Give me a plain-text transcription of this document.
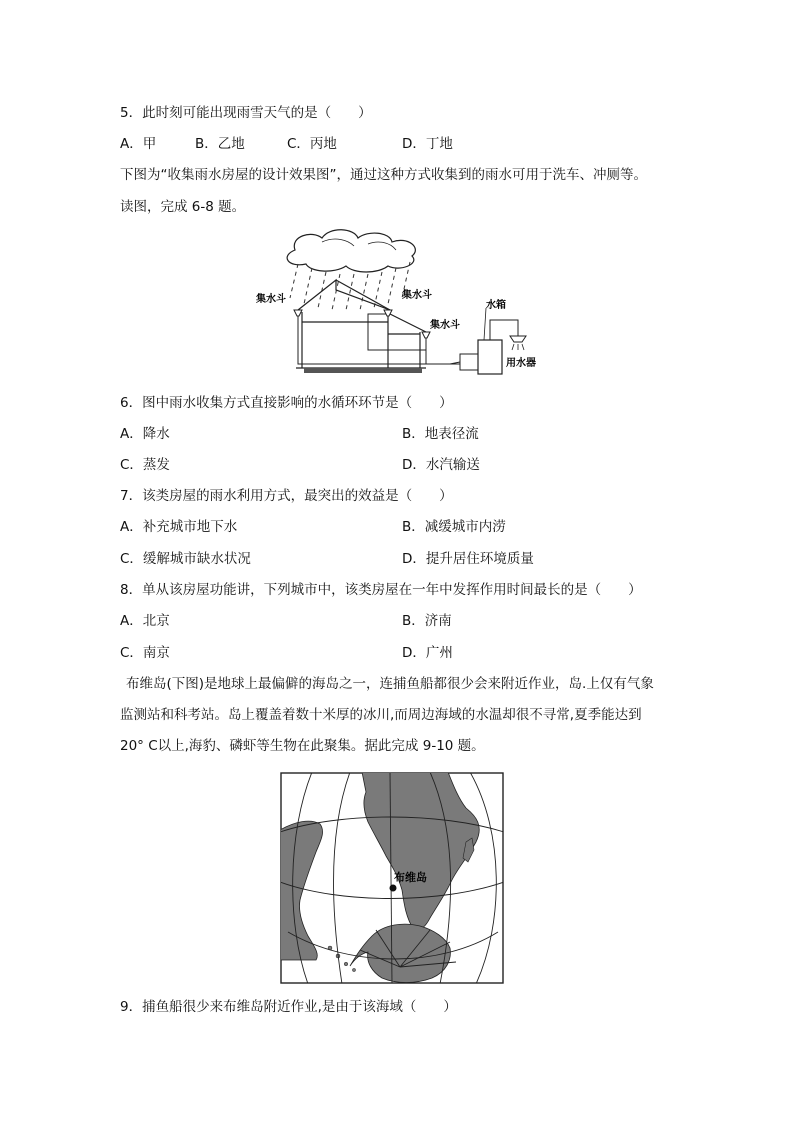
5．此时刻可能出现雨雪天气的是（　　）
A．甲	B．乙地	C．丙地	D．丁地
下图为“收集雨水房屋的设计效果图”，通过这种方式收集到的雨水可用于洗车、冲厕等。
读图，完成 6-8 题。
集水斗	集水斗
集水斗
水箱
用水器
6．图中雨水收集方式直接影响的水循环环节是（　　）
A．降水	B．地表径流
C．蒸发	D．水汽输送
7．该类房屋的雨水利用方式，最突出的效益是（　　）
A．补充城市地下水	B．减缓城市内涝
C．缓解城市缺水状况	D．提升居住环境质量
8．单从该房屋功能讲，下列城市中，该类房屋在一年中发挥作用时间最长的是（　　）
A．北京	B．济南
C．南京	D．广州
布维岛(下图)是地球上最偏僻的海岛之一，连捕鱼船都很少会来附近作业，岛.上仅有气象
监测站和科考站。岛上覆盖着数十米厚的冰川,而周边海域的水温却很不寻常,夏季能达到
20° C以上,海豹、磷虾等生物在此聚集。据此完成 9-10 题。
布维岛
9．捕鱼船很少来布维岛附近作业,是由于该海域（　　）
